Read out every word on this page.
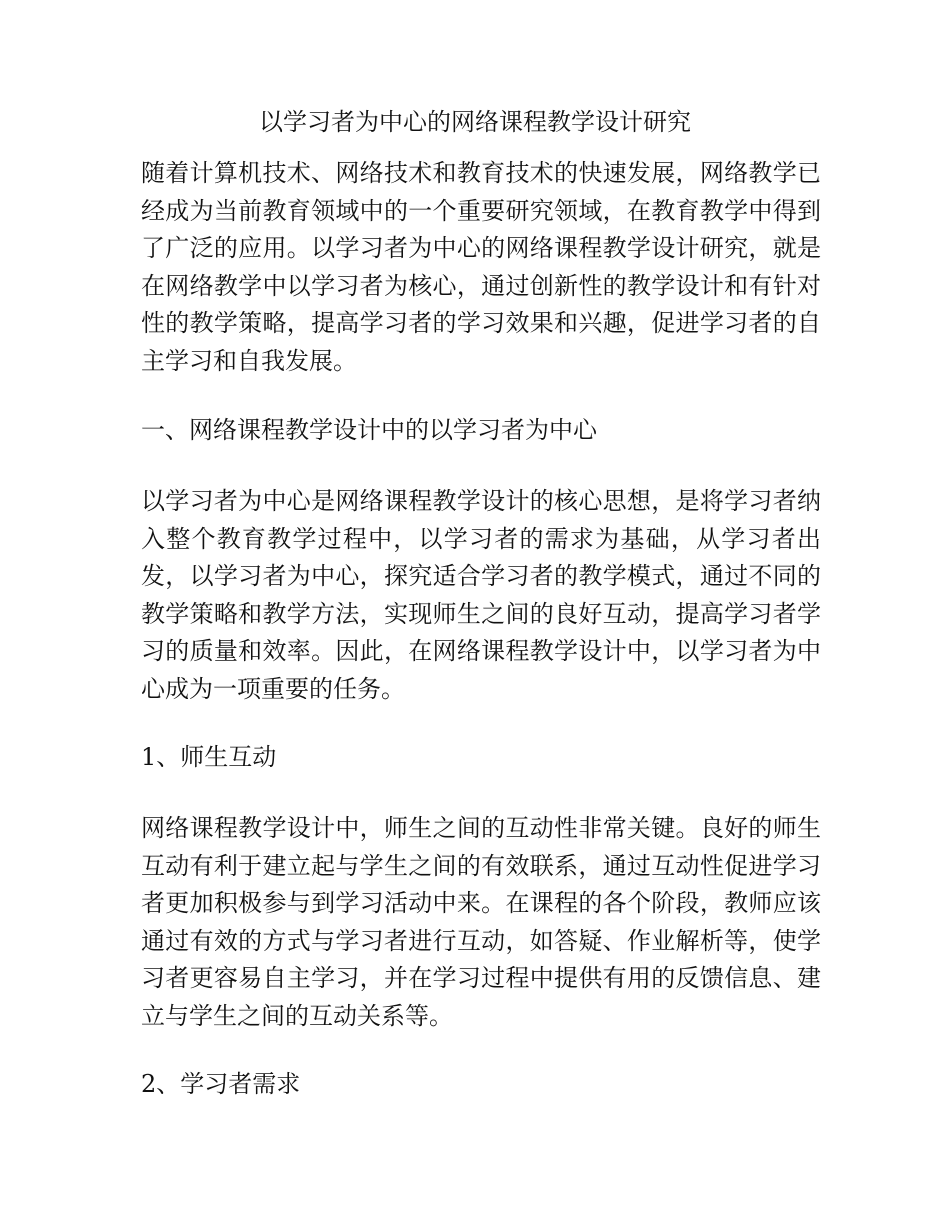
以学习者为中心的网络课程教学设计研究

随着计算机技术、网络技术和教育技术的快速发展，网络教学已经成为当前教育领域中的一个重要研究领域，在教育教学中得到了广泛的应用。以学习者为中心的网络课程教学设计研究，就是在网络教学中以学习者为核心，通过创新性的教学设计和有针对性的教学策略，提高学习者的学习效果和兴趣，促进学习者的自主学习和自我发展。

一、网络课程教学设计中的以学习者为中心

以学习者为中心是网络课程教学设计的核心思想，是将学习者纳入整个教育教学过程中，以学习者的需求为基础，从学习者出发，以学习者为中心，探究适合学习者的教学模式，通过不同的教学策略和教学方法，实现师生之间的良好互动，提高学习者学习的质量和效率。因此，在网络课程教学设计中，以学习者为中心成为一项重要的任务。

1、师生互动

网络课程教学设计中，师生之间的互动性非常关键。良好的师生互动有利于建立起与学生之间的有效联系，通过互动性促进学习者更加积极参与到学习活动中来。在课程的各个阶段，教师应该通过有效的方式与学习者进行互动，如答疑、作业解析等，使学习者更容易自主学习，并在学习过程中提供有用的反馈信息、建立与学生之间的互动关系等。

2、学习者需求
